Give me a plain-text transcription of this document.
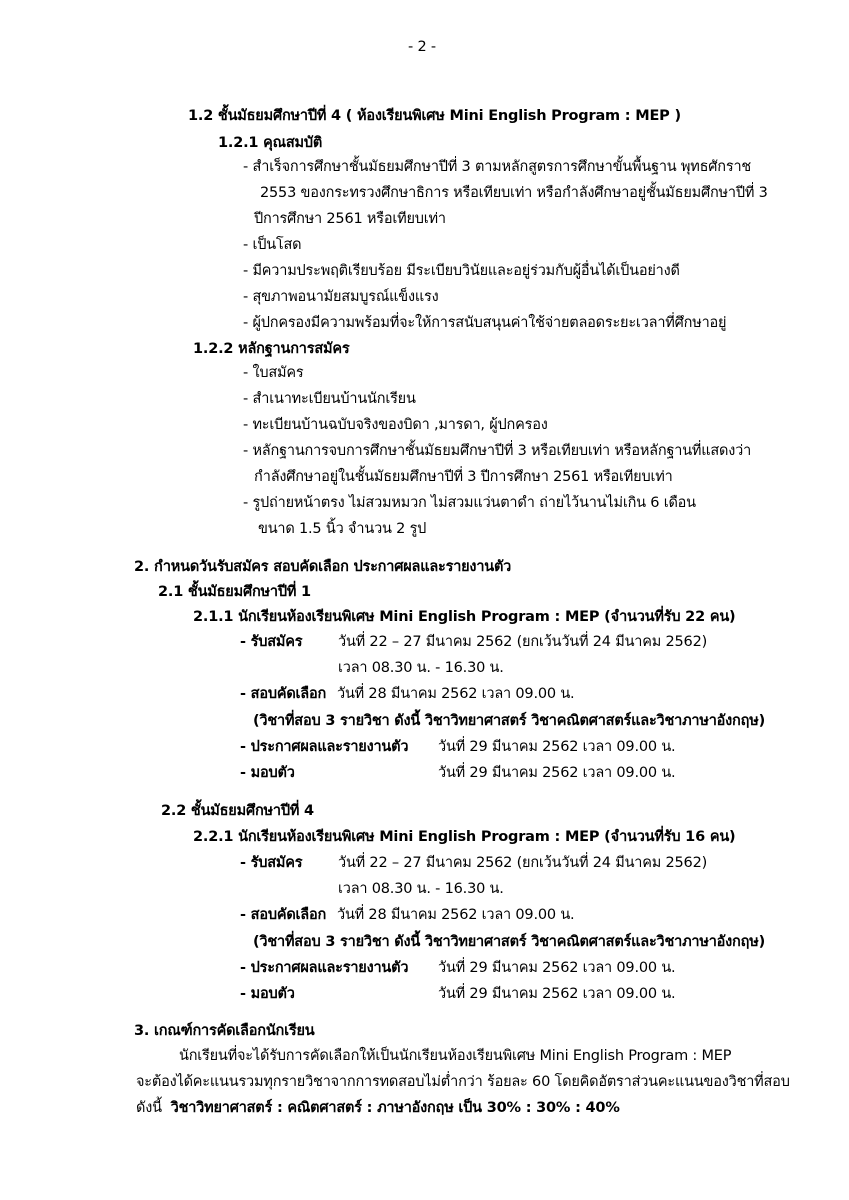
- 2 -
1.2 ชั้นมัธยมศึกษาปีที่ 4 ( ห้องเรียนพิเศษ Mini English Program : MEP )
1.2.1 คุณสมบัติ
- สำเร็จการศึกษาชั้นมัธยมศึกษาปีที่ 3 ตามหลักสูตรการศึกษาขั้นพื้นฐาน พุทธศักราช
2553 ของกระทรวงศึกษาธิการ หรือเทียบเท่า หรือกำลังศึกษาอยู่ชั้นมัธยมศึกษาปีที่ 3
ปีการศึกษา 2561 หรือเทียบเท่า
- เป็นโสด
- มีความประพฤติเรียบร้อย มีระเบียบวินัยและอยู่ร่วมกับผู้อื่นได้เป็นอย่างดี
- สุขภาพอนามัยสมบูรณ์แข็งแรง
- ผู้ปกครองมีความพร้อมที่จะให้การสนับสนุนค่าใช้จ่ายตลอดระยะเวลาที่ศึกษาอยู่
1.2.2 หลักฐานการสมัคร
- ใบสมัคร
- สำเนาทะเบียนบ้านนักเรียน
- ทะเบียนบ้านฉบับจริงของบิดา ,มารดา, ผู้ปกครอง
- หลักฐานการจบการศึกษาชั้นมัธยมศึกษาปีที่ 3 หรือเทียบเท่า หรือหลักฐานที่แสดงว่า
กำลังศึกษาอยู่ในชั้นมัธยมศึกษาปีที่ 3 ปีการศึกษา 2561 หรือเทียบเท่า
- รูปถ่ายหน้าตรง ไม่สวมหมวก ไม่สวมแว่นตาดำ ถ่ายไว้นานไม่เกิน 6 เดือน
ขนาด 1.5 นิ้ว จำนวน 2 รูป
2. กำหนดวันรับสมัคร สอบคัดเลือก ประกาศผลและรายงานตัว
2.1 ชั้นมัธยมศึกษาปีที่ 1
2.1.1 นักเรียนห้องเรียนพิเศษ Mini English Program : MEP (จำนวนที่รับ 22 คน)
- รับสมัคร วันที่ 22 – 27 มีนาคม 2562 (ยกเว้นวันที่ 24 มีนาคม 2562)
เวลา 08.30 น. - 16.30 น.
- สอบคัดเลือก วันที่ 28 มีนาคม 2562 เวลา 09.00 น.
(วิชาที่สอบ 3 รายวิชา ดังนี้ วิชาวิทยาศาสตร์ วิชาคณิตศาสตร์และวิชาภาษาอังกฤษ)
- ประกาศผลและรายงานตัว วันที่ 29 มีนาคม 2562 เวลา 09.00 น.
- มอบตัว	วันที่ 29 มีนาคม 2562 เวลา 09.00 น.
2.2 ชั้นมัธยมศึกษาปีที่ 4
2.2.1 นักเรียนห้องเรียนพิเศษ Mini English Program : MEP (จำนวนที่รับ 16 คน)
- รับสมัคร วันที่ 22 – 27 มีนาคม 2562 (ยกเว้นวันที่ 24 มีนาคม 2562)
เวลา 08.30 น. - 16.30 น.
- สอบคัดเลือก วันที่ 28 มีนาคม 2562 เวลา 09.00 น.
(วิชาที่สอบ 3 รายวิชา ดังนี้ วิชาวิทยาศาสตร์ วิชาคณิตศาสตร์และวิชาภาษาอังกฤษ)
- ประกาศผลและรายงานตัว วันที่ 29 มีนาคม 2562 เวลา 09.00 น.
- มอบตัว	วันที่ 29 มีนาคม 2562 เวลา 09.00 น.
3. เกณฑ์การคัดเลือกนักเรียน
นักเรียนที่จะได้รับการคัดเลือกให้เป็นนักเรียนห้องเรียนพิเศษ Mini English Program : MEP
จะต้องได้คะแนนรวมทุกรายวิชาจากการทดสอบไม่ต่ำกว่า ร้อยละ 60 โดยคิดอัตราส่วนคะแนนของวิชาที่สอบ
ดังนี้ วิชาวิทยาศาสตร์ : คณิตศาสตร์ : ภาษาอังกฤษ เป็น 30% : 30% : 40%
